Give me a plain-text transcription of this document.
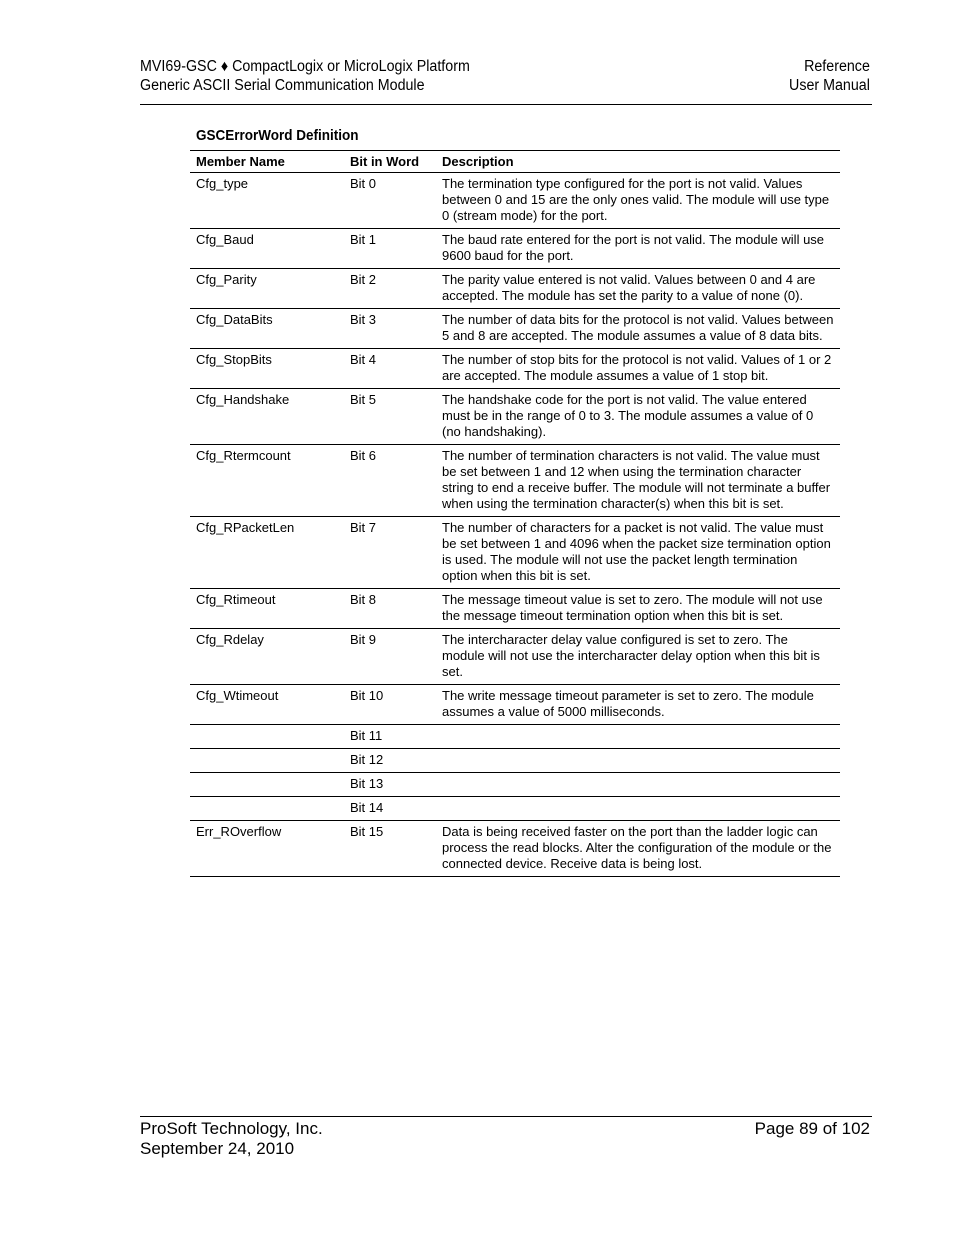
MVI69-GSC ♦ CompactLogix or MicroLogix Platform
Generic ASCII Serial Communication Module
Reference
User Manual
GSCErrorWord Definition
Member Name	Bit in Word	Description
Cfg_type	Bit 0	The termination type configured for the port is not valid. Values between 0 and 15 are the only ones valid. The module will use type 0 (stream mode) for the port.
Cfg_Baud	Bit 1	The baud rate entered for the port is not valid. The module will use 9600 baud for the port.
Cfg_Parity	Bit 2	The parity value entered is not valid. Values between 0 and 4 are accepted. The module has set the parity to a value of none (0).
Cfg_DataBits	Bit 3	The number of data bits for the protocol is not valid. Values between 5 and 8 are accepted. The module assumes a value of 8 data bits.
Cfg_StopBits	Bit 4	The number of stop bits for the protocol is not valid. Values of 1 or 2 are accepted. The module assumes a value of 1 stop bit.
Cfg_Handshake	Bit 5	The handshake code for the port is not valid. The value entered must be in the range of 0 to 3. The module assumes a value of 0 (no handshaking).
Cfg_Rtermcount	Bit 6	The number of termination characters is not valid. The value must be set between 1 and 12 when using the termination character string to end a receive buffer. The module will not terminate a buffer when using the termination character(s) when this bit is set.
Cfg_RPacketLen	Bit 7	The number of characters for a packet is not valid. The value must be set between 1 and 4096 when the packet size termination option is used. The module will not use the packet length termination option when this bit is set.
Cfg_Rtimeout	Bit 8	The message timeout value is set to zero. The module will not use the message timeout termination option when this bit is set.
Cfg_Rdelay	Bit 9	The intercharacter delay value configured is set to zero. The module will not use the intercharacter delay option when this bit is set.
Cfg_Wtimeout	Bit 10	The write message timeout parameter is set to zero. The module assumes a value of 5000 milliseconds.
	Bit 11	
	Bit 12	
	Bit 13	
	Bit 14	
Err_ROverflow	Bit 15	Data is being received faster on the port than the ladder logic can process the read blocks. Alter the configuration of the module or the connected device. Receive data is being lost.
ProSoft Technology, Inc.
September 24, 2010
Page 89 of 102
